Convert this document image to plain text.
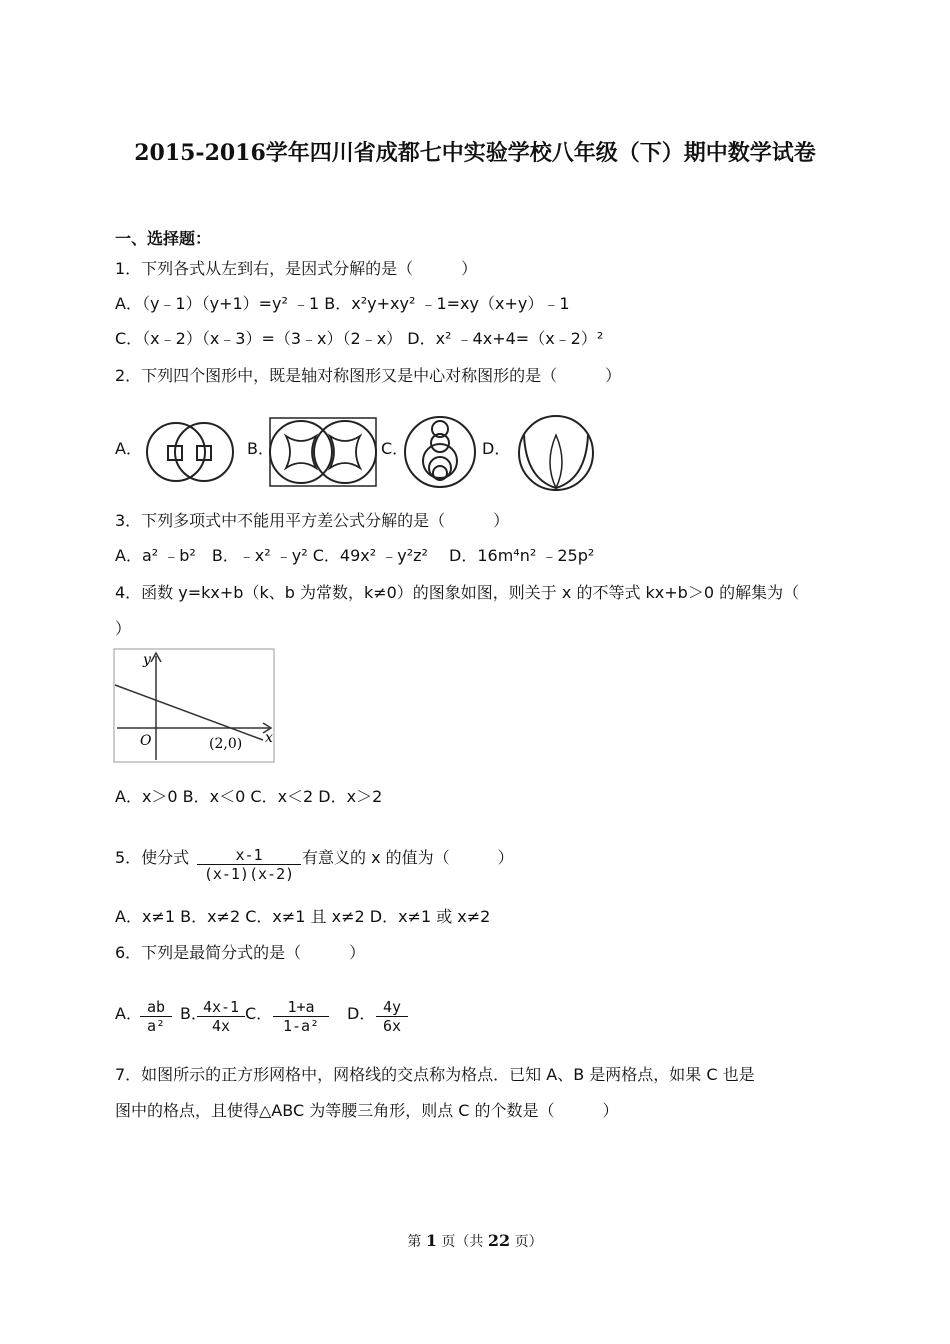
2015-2016学年四川省成都七中实验学校八年级（下）期中数学试卷
一、选择题：
1．下列各式从左到右，是因式分解的是（　　　）
A．（y﹣1）（y+1）=y² ﹣1 B．x²y+xy² ﹣1=xy（x+y）﹣1
C．（x﹣2）（x﹣3）=（3﹣x）（2﹣x） D．x² ﹣4x+4=（x﹣2）²
2．下列四个图形中，既是轴对称图形又是中心对称图形的是（　　　）
A．	B．	C．	D．
3．下列多项式中不能用平方差公式分解的是（　　　）
A．a² ﹣b²　B．﹣x² ﹣y² C．49x² ﹣y²z²　 D．16m⁴n² ﹣25p²
4．函数 y=kx+b（k、b 为常数，k≠0）的图象如图，则关于 x 的不等式 kx+b＞0 的解集为（
）
y
x
O	(2,0)
A．x＞0 B．x＜0 C．x＜2 D．x＞2
5．使分式 $\frac{x-1}{(x-1)(x-2)}$ 有意义的 x 的值为（　　　）
A．x≠1 B．x≠2 C．x≠1 且 x≠2 D．x≠1 或 x≠2
6．下列是最简分式的是（　　　）
A．
$\frac{ab}{\text{a²}}$ B．
$\frac{4x-1}{4x}$ C． $\frac{1+a}{\text{1-a²}}$ D． $\frac{4y}{6x}$
7．如图所示的正方形网格中，网格线的交点称为格点．已知 A、B 是两格点，如果 C 也是
图中的格点，且使得△ABC 为等腰三角形，则点 C 的个数是（　　　）
第 1 页（共 22 页）
